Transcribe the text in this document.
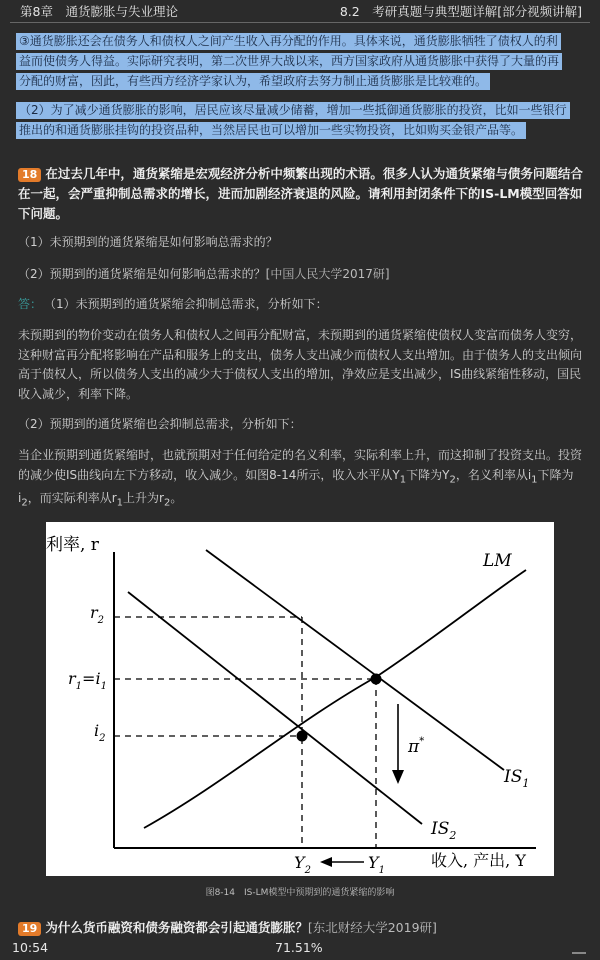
第8章　通货膨胀与失业理论	8.2　考研真题与典型题详解[部分视频讲解]
③通货膨胀还会在债务人和债权人之间产生收入再分配的作用。具体来说，通货膨胀牺牲了债权人的利
益而使债务人得益。实际研究表明，第二次世界大战以来，西方国家政府从通货膨胀中获得了大量的再
分配的财富，因此，有些西方经济学家认为，希望政府去努力制止通货膨胀是比较难的。
（2）为了减少通货膨胀的影响，居民应该尽量减少储蓄，增加一些抵御通货膨胀的投资，比如一些银行
推出的和通货膨胀挂钩的投资品种，当然居民也可以增加一些实物投资，比如购买金银产品等。
18 在过去几年中，通货紧缩是宏观经济分析中频繁出现的术语。很多人认为通货紧缩与债务问题结合在一起，会严重抑制总需求的增长，进而加剧经济衰退的风险。请利用封闭条件下的IS-LM模型回答如下问题。
（1）未预期到的通货紧缩是如何影响总需求的？
（2）预期到的通货紧缩是如何影响总需求的？[中国人民大学2017研]
答： （1）未预期到的通货紧缩会抑制总需求，分析如下：
未预期到的物价变动在债务人和债权人之间再分配财富，未预期到的通货紧缩使债权人变富而债务人变穷，这种财富再分配将影响在产品和服务上的支出，债务人支出减少而债权人支出增加。由于债务人的支出倾向高于债权人，所以债务人支出的减少大于债权人支出的增加，净效应是支出减少，IS曲线紧缩性移动，国民收入减少，利率下降。
（2）预期到的通货紧缩也会抑制总需求，分析如下：
当企业预期到通货紧缩时，也就预期对于任何给定的名义利率，实际利率上升，而这抑制了投资支出。投资的减少使IS曲线向左下方移动，收入减少。如图8-14所示，收入水平从$Y_1$下降为$Y_2$，名义利率从$i_1$下降为$i_2$，而实际利率从$r_1$上升为$r_2$。
利率, r
收入, 产出, Y
LM
$IS_1$
$IS_2$
π*
$r_2$
$r_1=i_1$
$i_2$
$Y_2$	$Y_1$
图8-14　IS-LM模型中预期到的通货紧缩的影响
19 为什么货币融资和债务融资都会引起通货膨胀？[东北财经大学2019研]
10:54	71.51%
